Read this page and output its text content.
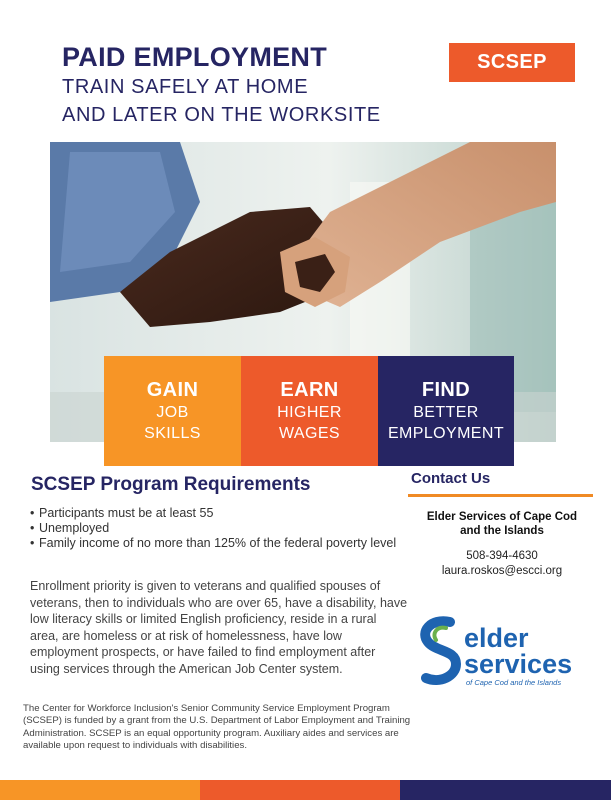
PAID EMPLOYMENT
TRAIN SAFELY AT HOME
AND LATER ON THE WORKSITE
SCSEP
GAIN
JOB
SKILLS
EARN
HIGHER
WAGES
FIND
BETTER
EMPLOYMENT
SCSEP Program Requirements
• Participants must be at least 55
• Unemployed
• Family income of no more than 125% of the federal poverty level
Enrollment priority is given to veterans and qualified spouses of veterans, then to individuals who are over 65, have a disability, have low literacy skills or limited English proficiency, reside in a rural area, are homeless or at risk of homelessness, have low employment prospects, or have failed to find employment after using services through the American Job Center system.
The Center for Workforce Inclusion's Senior Community Service Employment Program (SCSEP) is funded by a grant from the U.S. Department of Labor Employment and Training Administration. SCSEP is an equal opportunity program. Auxiliary aides and services are available upon request to individuals with disabilities.
Contact Us
Elder Services of Cape Cod
and the Islands
508-394-4630
laura.roskos@escci.org
elder
services
of Cape Cod and the Islands
